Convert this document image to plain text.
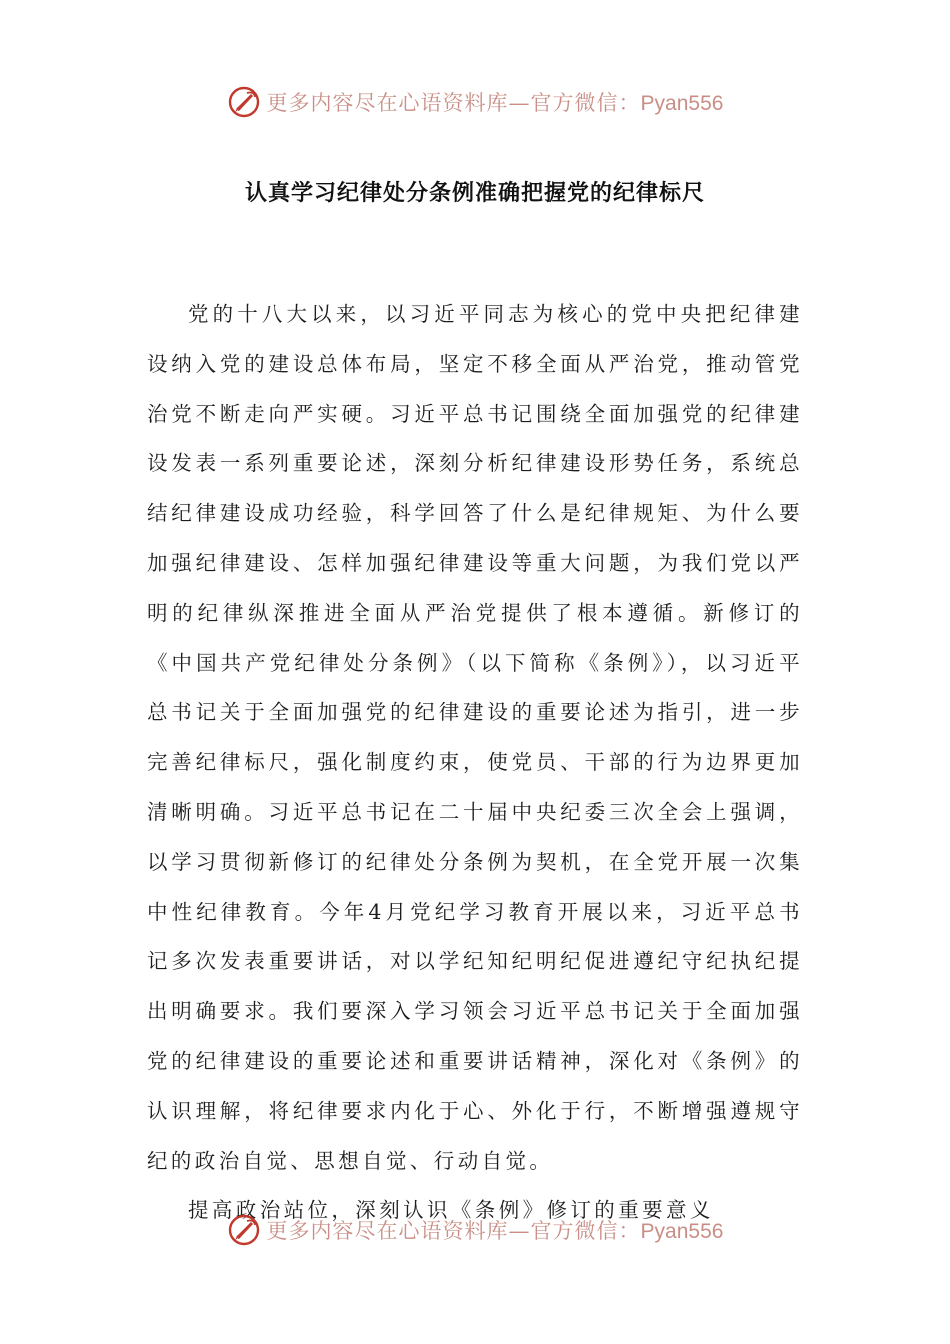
更多内容尽在心语资料库—官方微信：Pyan556
认真学习纪律处分条例准确把握党的纪律标尺

党的十八大以来，以习近平同志为核心的党中央把纪律建设纳入党的建设总体布局，坚定不移全面从严治党，推动管党治党不断走向严实硬。习近平总书记围绕全面加强党的纪律建设发表一系列重要论述，深刻分析纪律建设形势任务，系统总结纪律建设成功经验，科学回答了什么是纪律规矩、为什么要加强纪律建设、怎样加强纪律建设等重大问题，为我们党以严明的纪律纵深推进全面从严治党提供了根本遵循。新修订的《中国共产党纪律处分条例》（以下简称《条例》），以习近平总书记关于全面加强党的纪律建设的重要论述为指引，进一步完善纪律标尺，强化制度约束，使党员、干部的行为边界更加清晰明确。习近平总书记在二十届中央纪委三次全会上强调，以学习贯彻新修订的纪律处分条例为契机，在全党开展一次集中性纪律教育。今年4月党纪学习教育开展以来，习近平总书记多次发表重要讲话，对以学纪知纪明纪促进遵纪守纪执纪提出明确要求。我们要深入学习领会习近平总书记关于全面加强党的纪律建设的重要论述和重要讲话精神，深化对《条例》的认识理解，将纪律要求内化于心、外化于行，不断增强遵规守纪的政治自觉、思想自觉、行动自觉。

提高政治站位，深刻认识《条例》修订的重要意义

更多内容尽在心语资料库—官方微信：Pyan556
